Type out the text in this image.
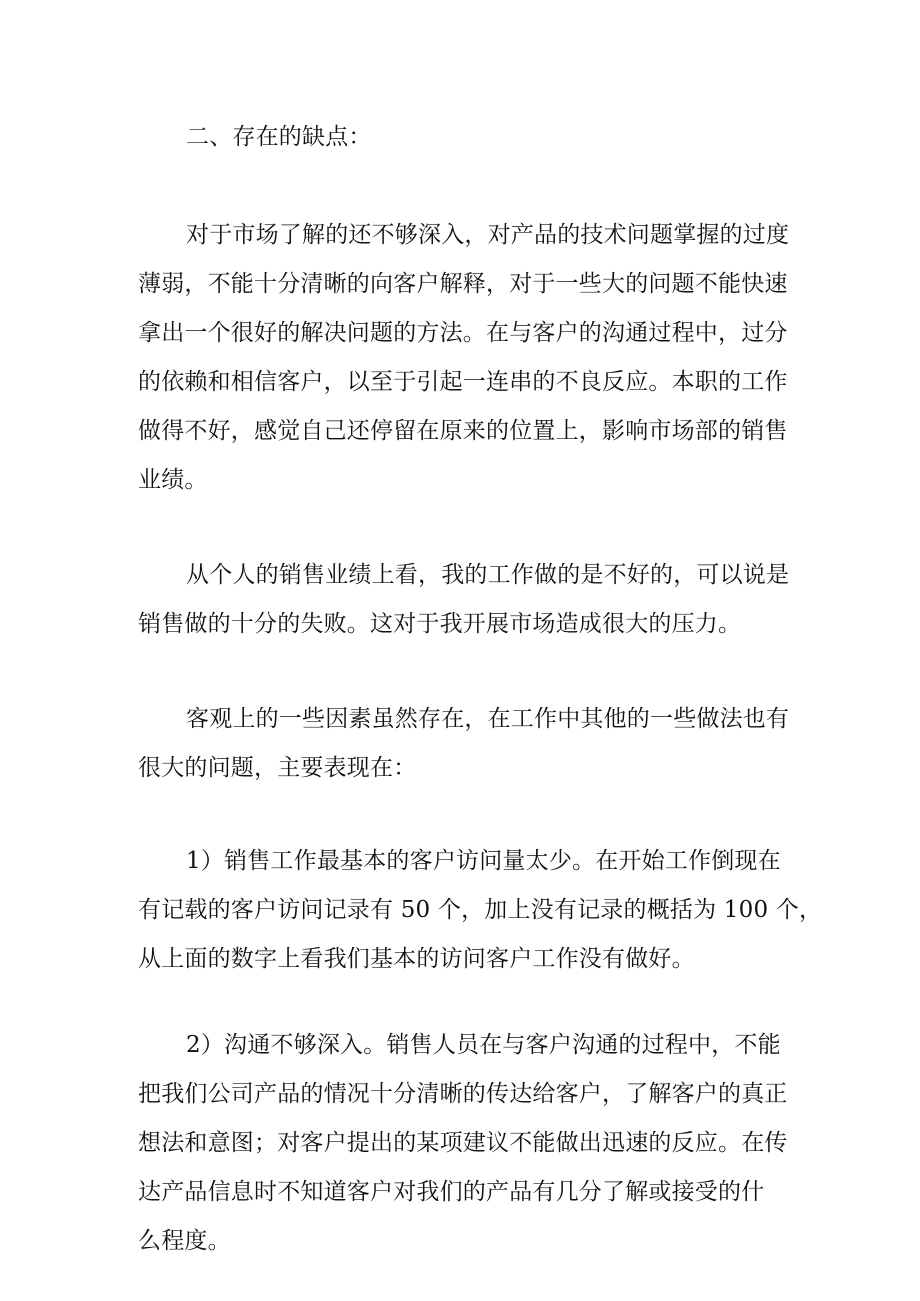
二、存在的缺点：
对于市场了解的还不够深入，对产品的技术问题掌握的过度
薄弱，不能十分清晰的向客户解释，对于一些大的问题不能快速
拿出一个很好的解决问题的方法。在与客户的沟通过程中，过分
的依赖和相信客户，以至于引起一连串的不良反应。本职的工作
做得不好，感觉自己还停留在原来的位置上，影响市场部的销售
业绩。
从个人的销售业绩上看，我的工作做的是不好的，可以说是
销售做的十分的失败。这对于我开展市场造成很大的压力。
客观上的一些因素虽然存在，在工作中其他的一些做法也有
很大的问题，主要表现在：
1）销售工作最基本的客户访问量太少。在开始工作倒现在
有记载的客户访问记录有 50 个，加上没有记录的概括为 100 个，
从上面的数字上看我们基本的访问客户工作没有做好。
2）沟通不够深入。销售人员在与客户沟通的过程中，不能
把我们公司产品的情况十分清晰的传达给客户，了解客户的真正
想法和意图；对客户提出的某项建议不能做出迅速的反应。在传
达产品信息时不知道客户对我们的产品有几分了解或接受的什
么程度。
